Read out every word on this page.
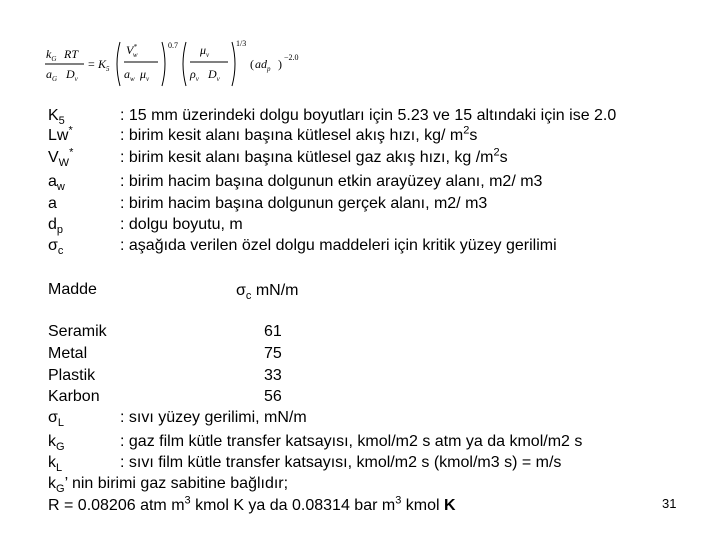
$k_G$ RT
$a_G$ $D_v$
= $K_5$
V* w
$a_w$ $\mu_v$
0.7 $\mu_v$
$\rho_v$ $D_v$
1/3
( $ad_p$ ) −2.0
$K_5$	: 15 mm üzerindeki dolgu boyutları için 5.23 ve 15 altındaki için ise 2.0
Lw*	: birim kesit alanı başına kütlesel akış hızı, kg/ $m^2s$
$V_W^*$	: birim kesit alanı başına kütlesel gaz akış hızı, kg $/m^2s$
$a_w$	: birim hacim başına dolgunun etkin arayüzey alanı, m2/ m3
a	: birim hacim başına dolgunun gerçek alanı, m2/ m3
$d_p$	: dolgu boyutu, m
$\sigma_c$	: aşağıda verilen özel dolgu maddeleri için kritik yüzey gerilimi
Madde	$\sigma_c$ mN/m
Seramik	61
Metal	75
Plastik	33
Karbon	56
$\sigma_L$	: sıvı yüzey gerilimi, mN/m
$k_G$	: gaz film kütle transfer katsayısı, kmol/m2 s atm ya da kmol/m2 s
$k_L$	: sıvı film kütle transfer katsayısı, kmol/m2 s (kmol/m3 s) = m/s
$k_G$’ nin birimi gaz sabitine bağlıdır;
R = 0.08206 atm $m^3$ kmol K ya da 0.08314 bar $m^3$ kmol K	31
